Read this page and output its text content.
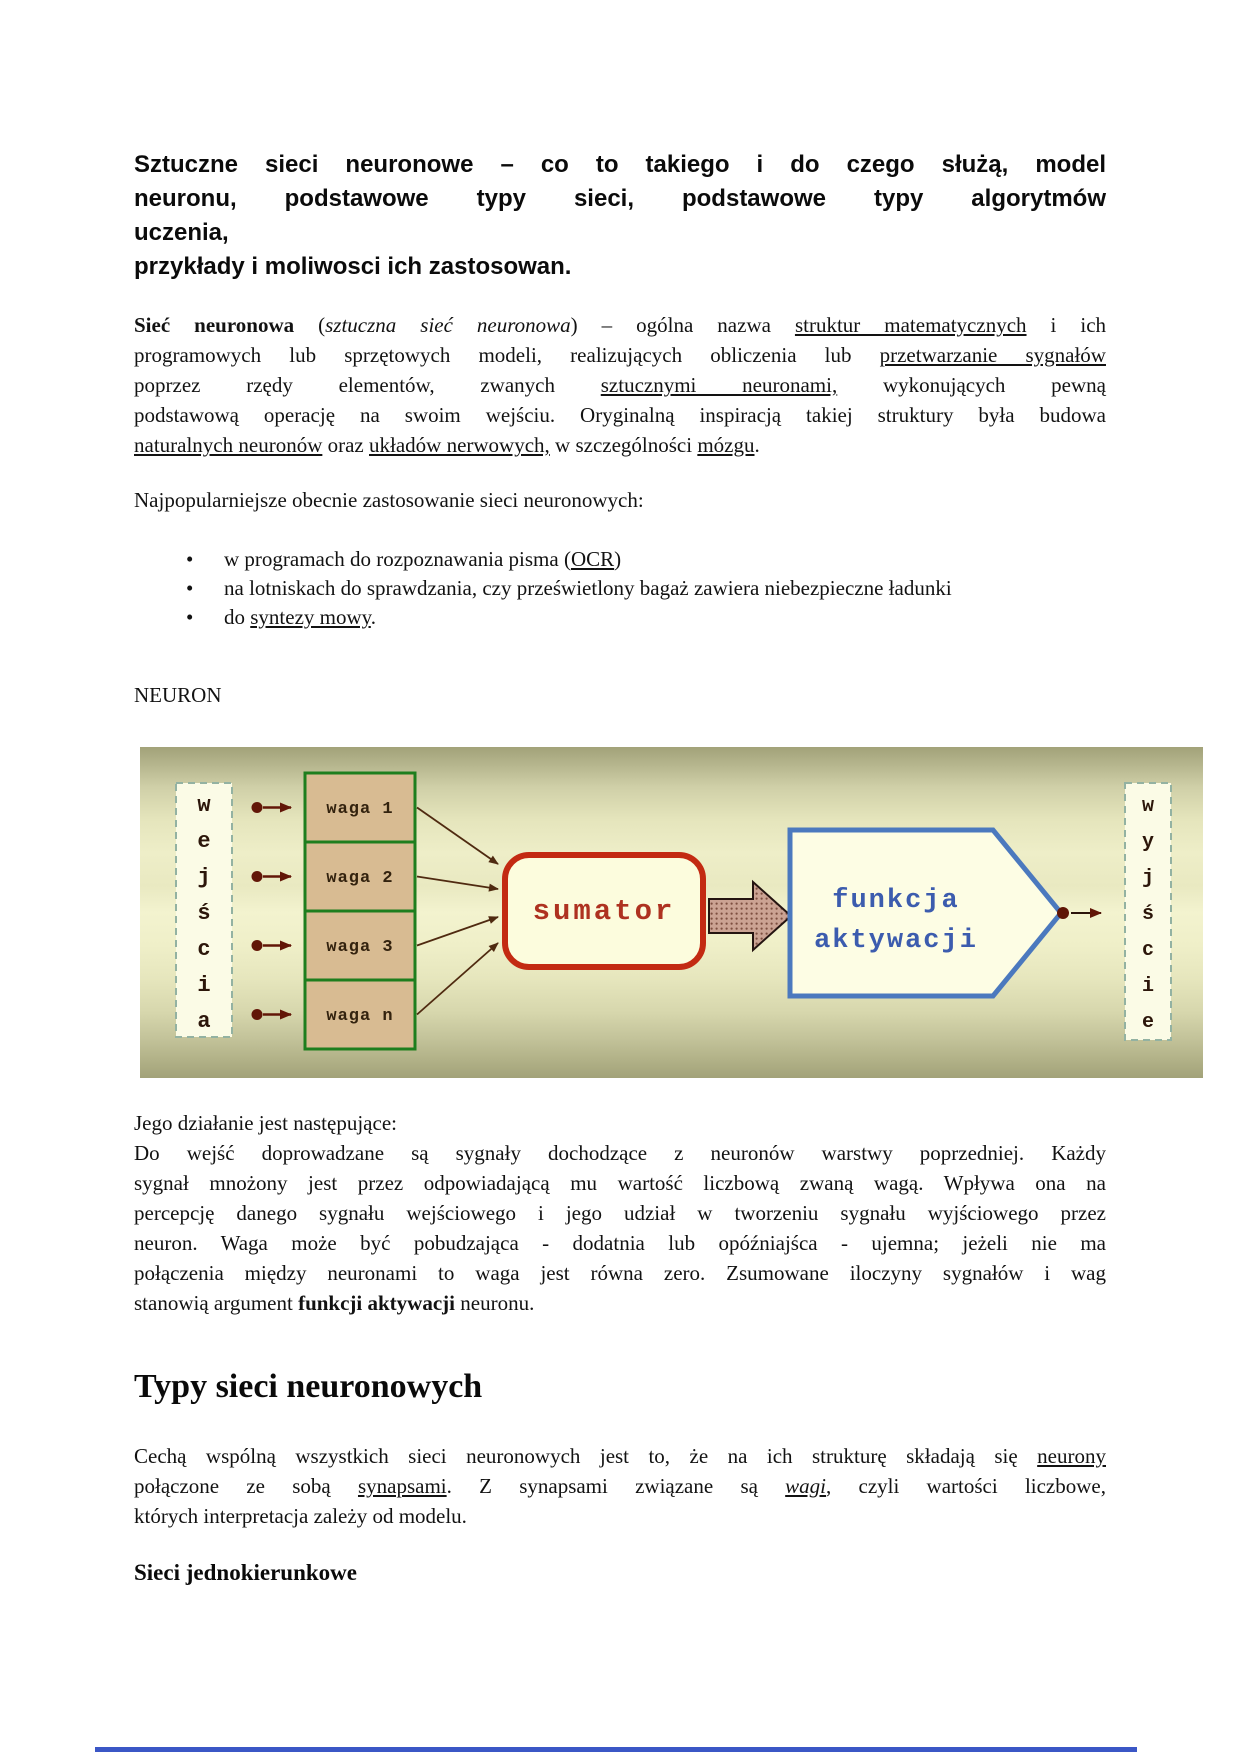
Sztuczne sieci neuronowe – co to takiego i do czego służą, model
neuronu, podstawowe typy sieci, podstawowe typy algorytmów
uczenia,
przykłady i moliwosci ich zastosowan.
Sieć neuronowa (sztuczna sieć neuronowa) – ogólna nazwa struktur matematycznych i ich
programowych lub sprzętowych modeli, realizujących obliczenia lub przetwarzanie sygnałów
poprzez rzędy elementów, zwanych sztucznymi neuronami, wykonujących pewną
podstawową operację na swoim wejściu. Oryginalną inspiracją takiej struktury była budowa
naturalnych neuronów oraz układów nerwowych, w szczególności mózgu.
Najpopularniejsze obecnie zastosowanie sieci neuronowych:
• w programach do rozpoznawania pisma (OCR)
• na lotniskach do sprawdzania, czy prześwietlony bagaż zawiera niebezpieczne ładunki
• do syntezy mowy.
NEURON
w
e
j
ś
c
i
a
waga 1
waga 2
waga 3
waga n
sumator	funkcja
aktywacji
w
y
j
ś
c
i
e
Jego działanie jest następujące:
Do wejść doprowadzane są sygnały dochodzące z neuronów warstwy poprzedniej. Każdy
sygnał mnożony jest przez odpowiadającą mu wartość liczbową zwaną wagą. Wpływa ona na
percepcję danego sygnału wejściowego i jego udział w tworzeniu sygnału wyjściowego przez
neuron. Waga może być pobudzająca - dodatnia lub opóźniajśca - ujemna; jeżeli nie ma
połączenia między neuronami to waga jest równa zero. Zsumowane iloczyny sygnałów i wag
stanowią argument funkcji aktywacji neuronu.
Typy sieci neuronowych
Cechą wspólną wszystkich sieci neuronowych jest to, że na ich strukturę składają się neurony
połączone ze sobą synapsami. Z synapsami związane są wagi, czyli wartości liczbowe,
których interpretacja zależy od modelu.
Sieci jednokierunkowe
